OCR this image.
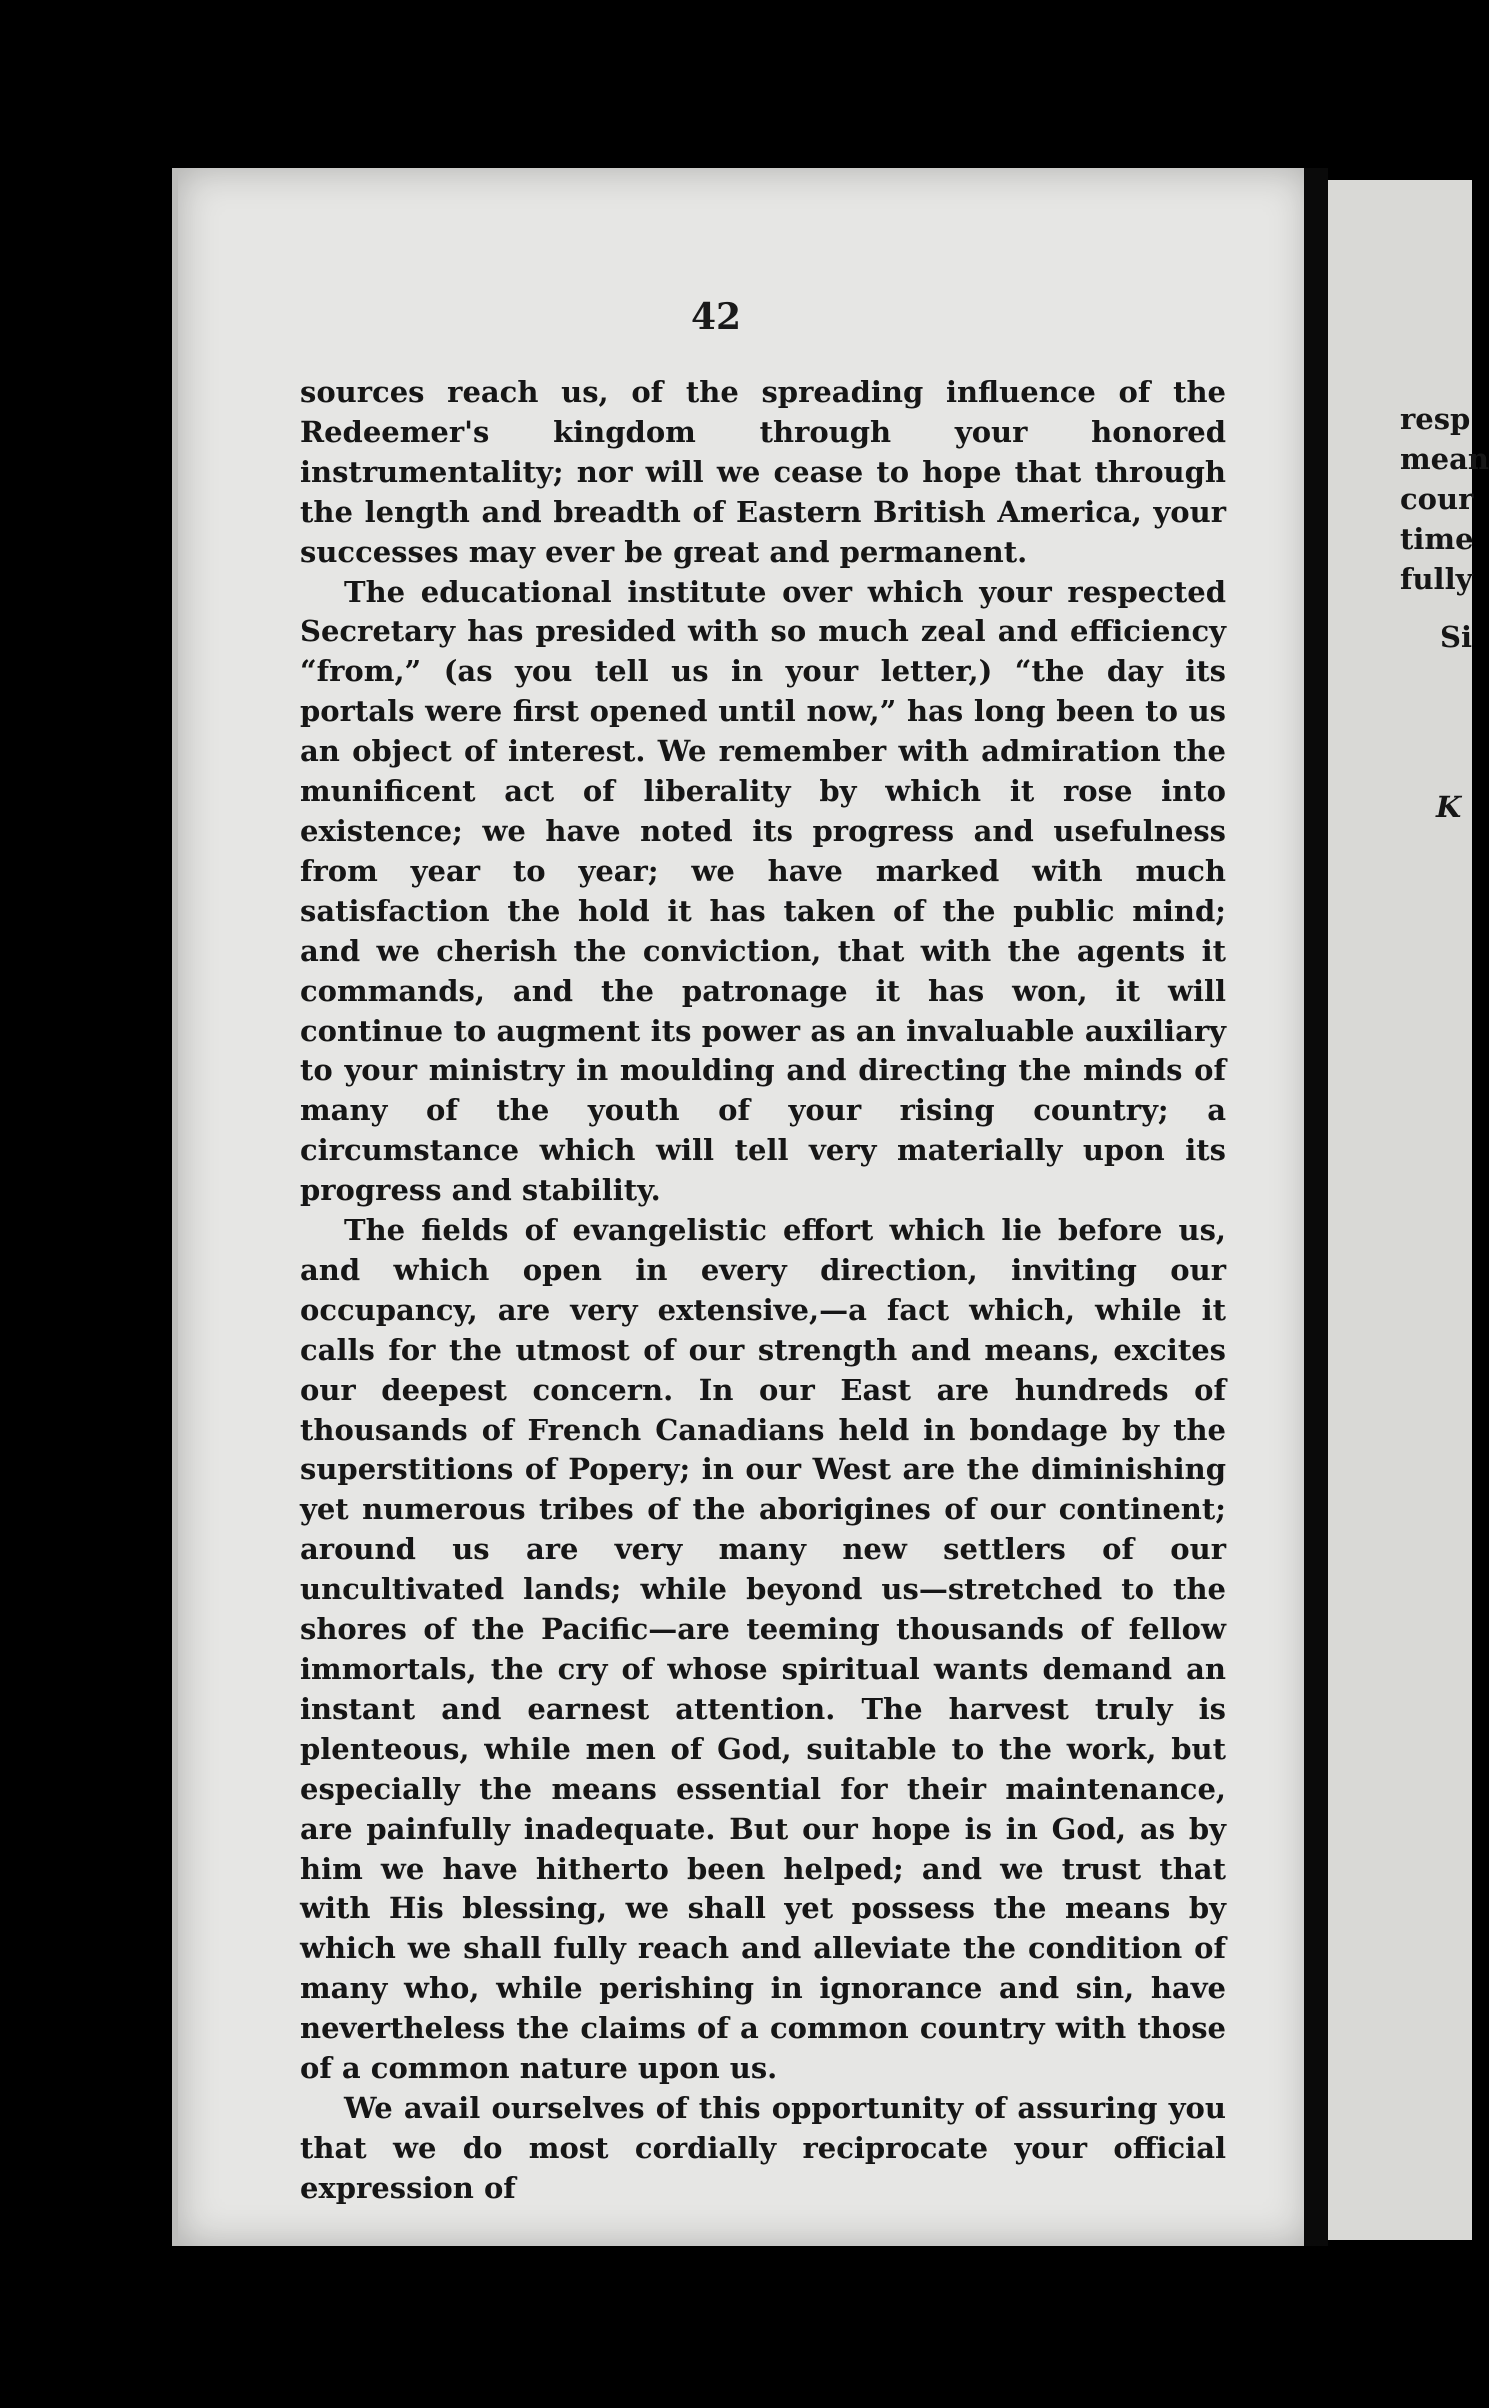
42

sources reach us, of the spreading influence of the Redeemer's kingdom through your honored instrumentality; nor will we cease to hope that through the length and breadth of Eastern British America, your successes may ever be great and permanent.

The educational institute over which your respected Secretary has presided with so much zeal and efficiency “from,” (as you tell us in your letter,) “the day its portals were first opened until now,” has long been to us an object of interest. We remember with admiration the munificent act of liberality by which it rose into existence; we have noted its progress and usefulness from year to year; we have marked with much satisfaction the hold it has taken of the public mind; and we cherish the conviction, that with the agents it commands, and the patronage it has won, it will continue to augment its power as an invaluable auxiliary to your ministry in moulding and directing the minds of many of the youth of your rising country; a circumstance which will tell very materially upon its progress and stability.

The fields of evangelistic effort which lie before us, and which open in every direction, inviting our occupancy, are very extensive,—a fact which, while it calls for the utmost of our strength and means, excites our deepest concern. In our East are hundreds of thousands of French Canadians held in bondage by the superstitions of Popery; in our West are the diminishing yet numerous tribes of the aborigines of our continent; around us are very many new settlers of our uncultivated lands; while beyond us—stretched to the shores of the Pacific—are teeming thousands of fellow immortals, the cry of whose spiritual wants demand an instant and earnest attention. The harvest truly is plenteous, while men of God, suitable to the work, but especially the means essential for their maintenance, are painfully inadequate. But our hope is in God, as by him we have hitherto been helped; and we trust that with His blessing, we shall yet possess the means by which we shall fully reach and alleviate the condition of many who, while perishing in ignorance and sin, have nevertheless the claims of a common country with those of a common nature upon us.

We avail ourselves of this opportunity of assuring you that we do most cordially reciprocate your official expression of

resp
mean
cour
time
fully
Si
K
